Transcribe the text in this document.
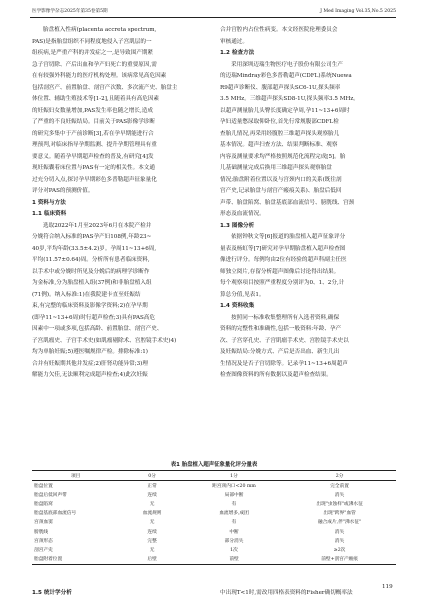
医学影像学杂志2025年第35卷第5期	J Med Imaging Vol.35,No.5 2025
胎盘植入性病(placenta accreta spectrum,
PAS)是指胎盘组织不同程度地侵入子宫肌层的一
组疾病,是严重产科的并发症之一,是导致围产期紧
急子宫切除、产后出血和孕产妇死亡的重要原因,需
在有较强外科能力的医疗机构处理。该病常见高危因素
包括剖宫产、前置胎盘、剖宫产次数、多次流产史、胎盘主
体位置、辅助生殖技术等[1-2],且随着具有高危因素
的妊娠妇女数量增加,PAS发生率也随之增长,造成
了严重的不良妊娠结局。目前关于PAS影像学诊断
的研究多集中于产前诊断[3],若在孕早期能进行合
理预判,对临床指导孕期监测、提升孕期管理具有重
要意义。随着孕早期超声检查的普及,有研究[4]发
现妊娠囊着床位置与PAS有一定的相关性。本文通
过充分切入点,探讨孕早期彩色多普勒超声征象量化
评分对PAS的预测价值。
1 资料与方法
1.1 临床资料
选取2022年1月至2023年6月在本院产检并
分娩符合纳入标准的PAS孕产妇108例,年龄23~
40岁,平均年龄(33.5±4.2)岁。孕周11~13+6周,
平均(11.57±0.64)周。分析所有患者临床资料,
以手术中或分娩时所见及分娩后的病理学诊断作
为金标准,分为胎盘植入组(37例)和非胎盘植入组
(71例)。纳入标准:1)在我院建卡直至妊娠结
束,有完整的临床资料及影像学资料;2)在孕早期
(即孕11~13+6周)时行超声检查;3)具有PAS高危
因素中一项或多项,包括高龄、前置胎盘、剖宫产史、
子宫肌瘤史、子宫手术史(如肌瘤剔除术、宫腔镜手术史)4)
均为单胎妊娠;5)遵医嘱规律产检。排除标准:1)
合并有妊娠期其他并发症;2)肝肾功能异常;3)理
解能力欠佳,无法顺利完成超声检查;4)此次妊娠
合并宫腔内占位性病变。本文经医院伦理委员会
审核通过。
1.2 检查方法
采用深圳迈瑞生物医疗电子股份有限公司生产
的迈瑞Mindray彩色多普勒超声(CDFL)系统Nuewa
R9超声诊断仪、腹部超声探头SC6-1U,探头频率
3.5 MHz。三维超声探头SD8-1U,探头频率3.5 MHz。
以超声测量胎儿头臀长度确定孕周,孕11~13+6周时
孕妇适量憋尿取仰卧位,首先行常规腹部CDFL检
查胎儿情况,再采用经腹腔三维超声探头观察胎儿
基本情况。超声扫查方法、结果判断标准、观察
内容及测量要求均严格按照规范化流程完成[5]。胎
儿基础测量完成后换用三维超声探头观察胎盘
情况;胎盘附着位置以及与宫颈内口的关系(既往剖
宫产史,记录胎盘与剖宫产瘢痕关系)、胎盘后低回
声带、胎盘陷窝、胎盘基底部血流信号、膀胱线、宫颈
形态及血流情况。
1.3 图像分析
依据钟秋文等[6]报道的胎盘植入超声征象评分
量表及杨虹等[7]研究对孕早期胎盘植入超声检查图
像进行评分。每例均由2位有经验的超声科副主任医
师独立阅片,存留分析超声图像后讨论得出结果。
每个观察项目按照严重程度分别评为0、1、2分,计
算总分值,见表1。
1.4 资料收集
按照同一标准收集整理所有入选者资料,确保
资料的完整性和准确性,包括一般资料:年龄、孕产
次、子宫穿孔史、子宫肌瘤手术史、宫腔镜手术史以
及妊娠结局:分娩方式、产后是否出血、新生儿出
生情况及是否子宫切除等。记录孕11~13+6周超声
检查图像资料的所有数据以及超声检查结果。
表1 胎盘植入超声征象量化评分量表
项目	0分	1分	2分
胎盘位置	正常	距宫颈内口<20 mm	完全前置
胎盘后低回声带	连续	局部中断	消失
胎盘陷窝	无	有	出现"虫蚀样"或沸水征
胎盘基底部血流信号	血流规则	血流增多,成团	出现"跨界"血管
宫颈血窦	无	有	融合成片,伴"沸水征"
膀胱线	连续	中断	消失
宫颈形态	完整	部分消失	消失
剖宫产史	无	1次	≥2次
胎盘附着位置	后壁	前壁	前壁+剖宫产瘢痕
1.5 统计学分析	中出现T<1时,需改用四格表资料的Fisher确切概率法
119
